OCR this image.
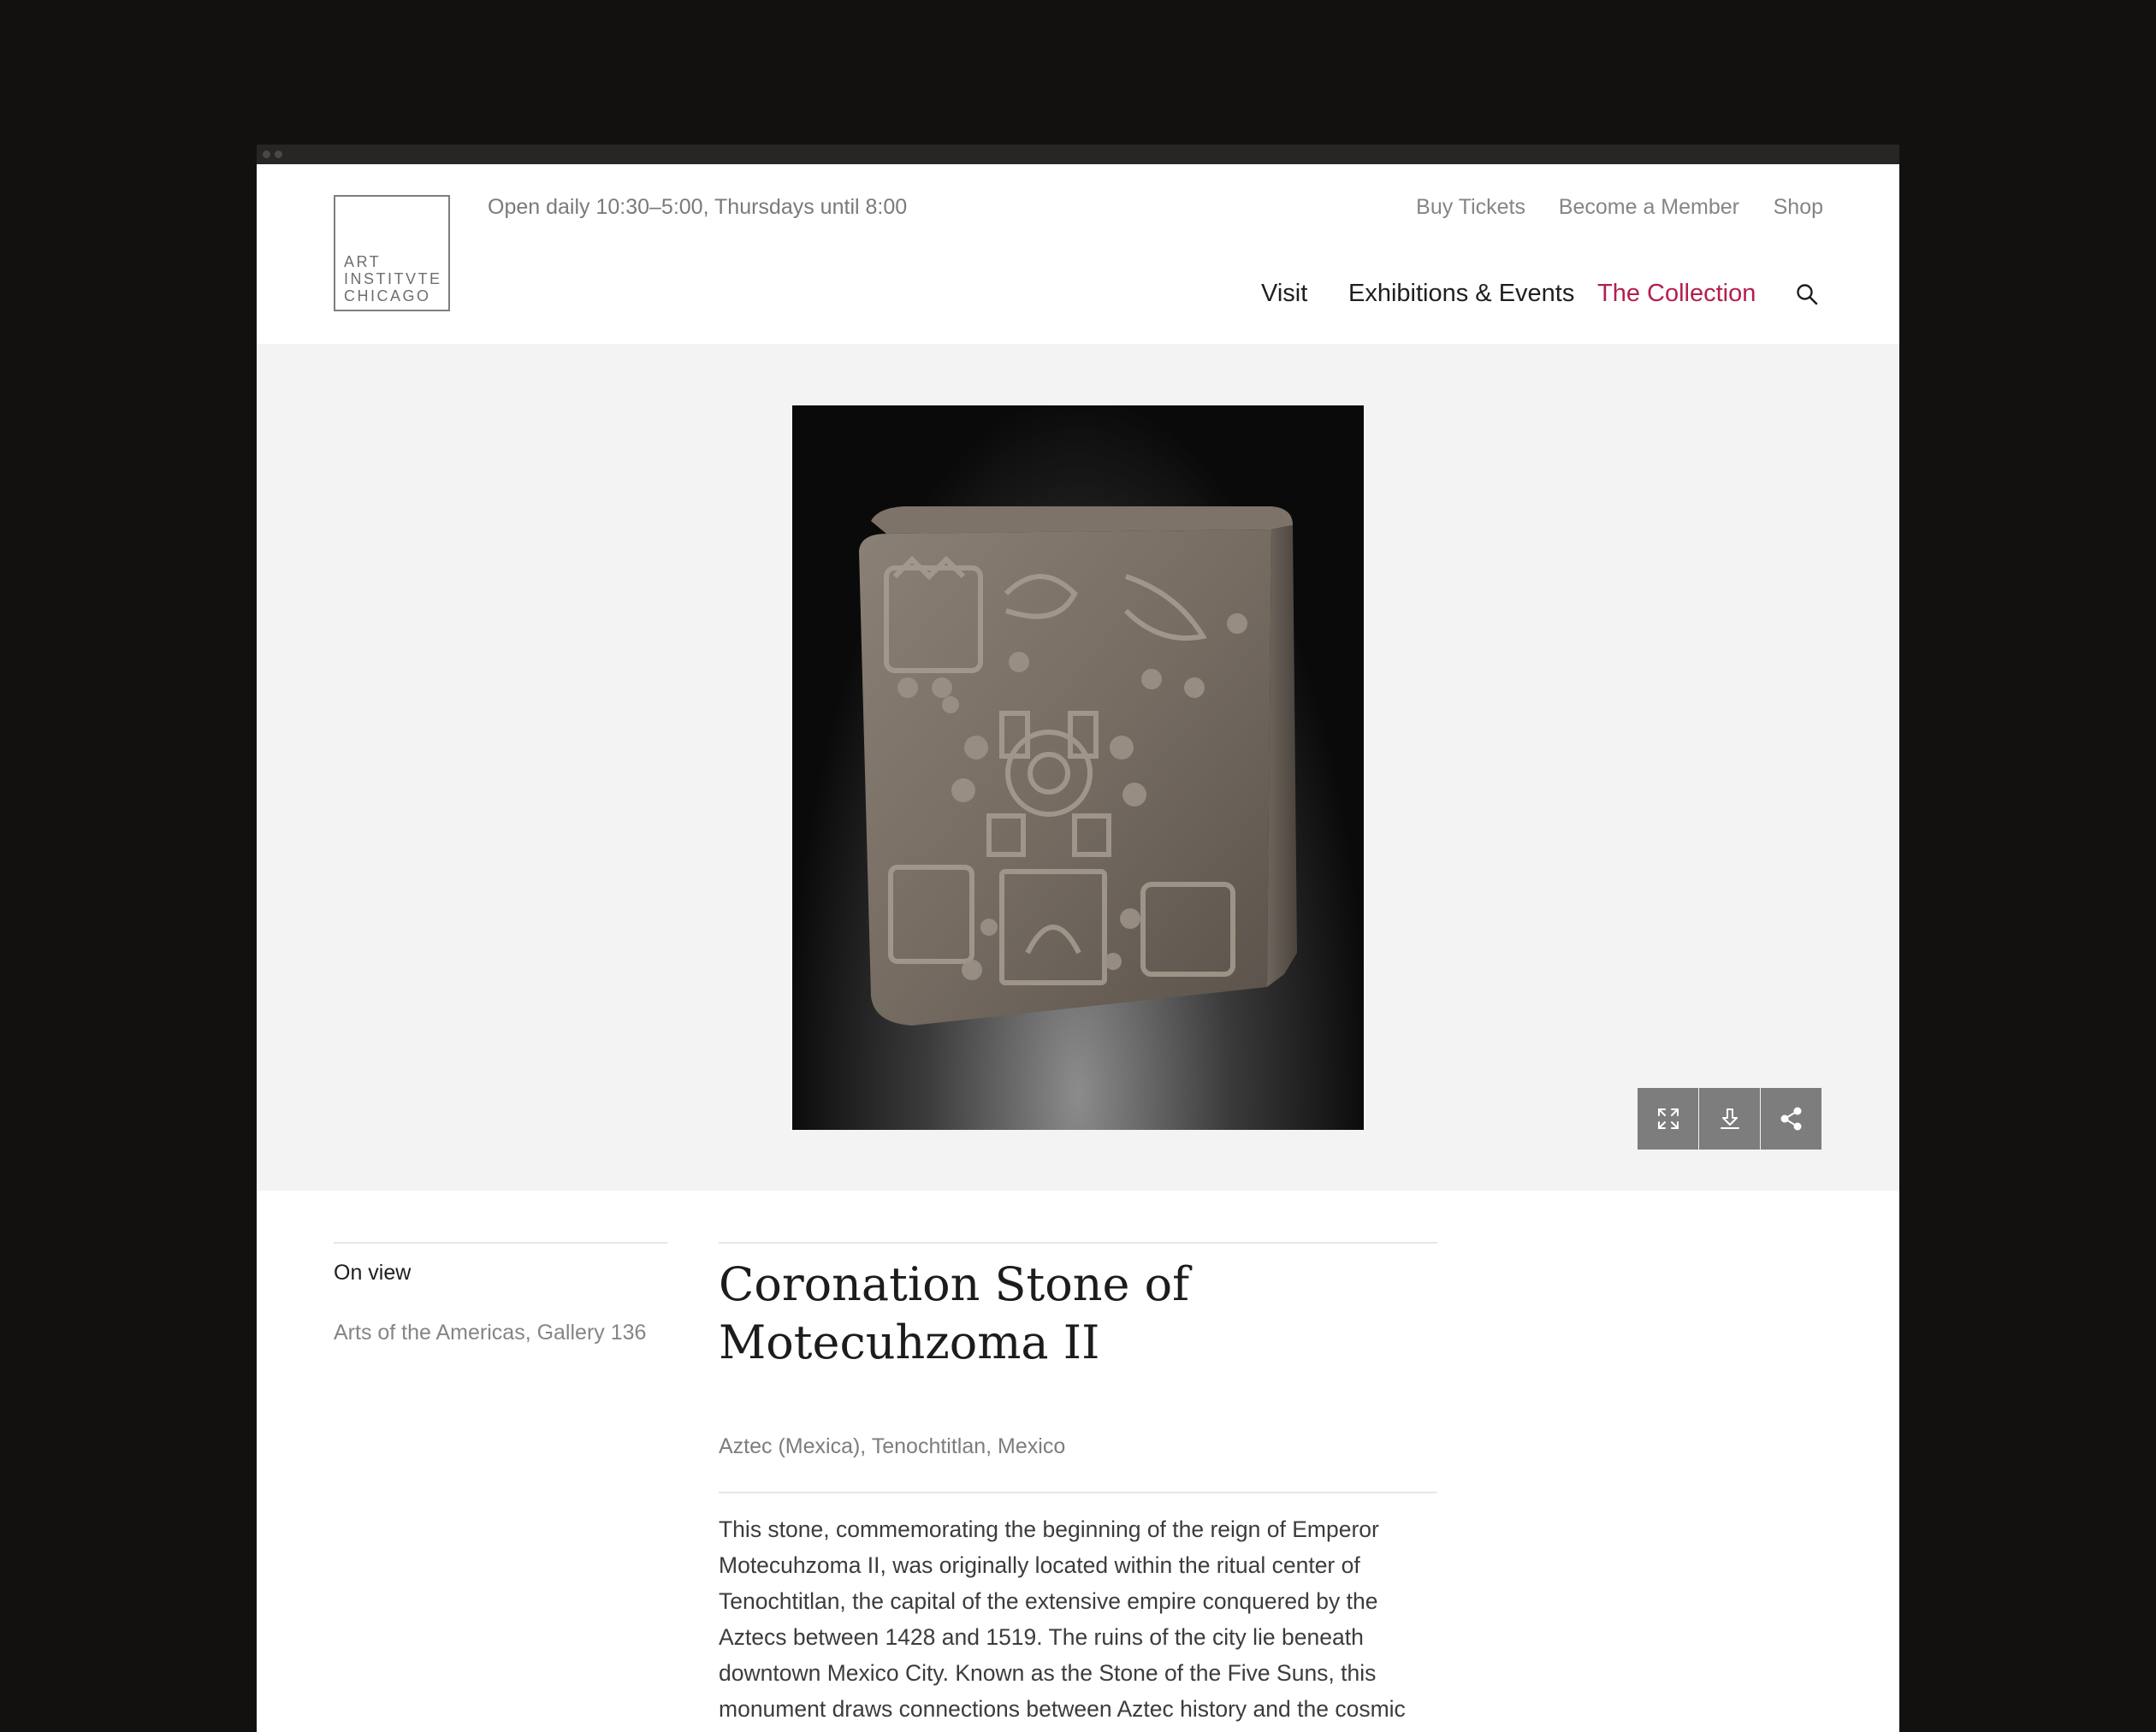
ART
INSTITVTE
CHICAGO
Open daily 10:30–5:00, Thursdays until 8:00	Buy Tickets Become a Member Shop
Visit Exhibitions & Events The Collection
On view
Arts of the Americas, Gallery 136
Coronation Stone of Motecuhzoma II
Aztec (Mexica), Tenochtitlan, Mexico

This stone, commemorating the beginning of the reign of Emperor Motecuhzoma II, was originally located within the ritual center of Tenochtitlan, the capital of the extensive empire conquered by the Aztecs between 1428 and 1519. The ruins of the city lie beneath downtown Mexico City. Known as the Stone of the Five Suns, this monument draws connections between Aztec history and the cosmic
